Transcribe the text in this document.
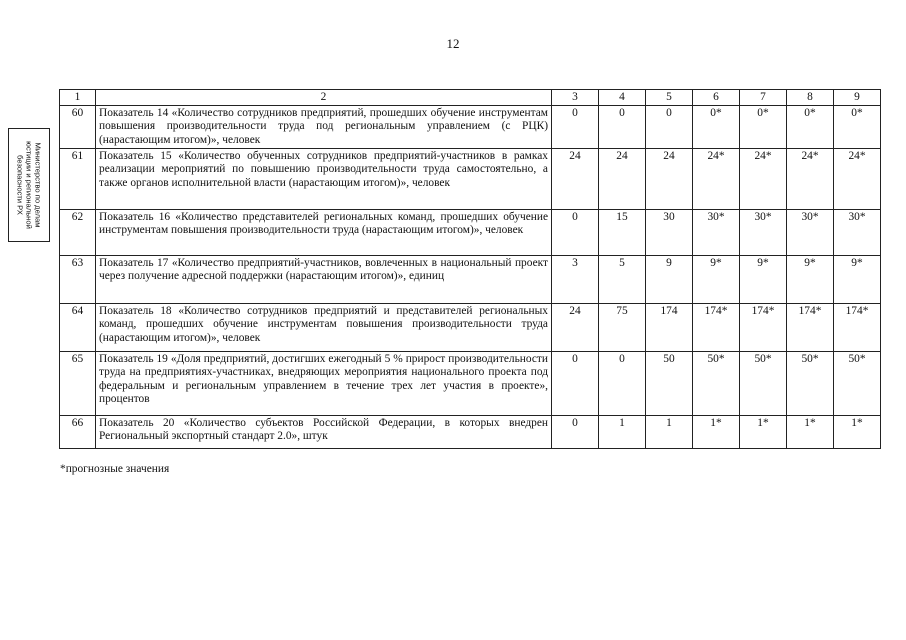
12
Министерство по делам юстиции и региональной безопасности РХ
1	2	3	4	5	6	7	8	9
60	Показатель 14 «Количество сотрудников предприятий, прошедших обучение инструментам повышения производительности труда под региональным управлением (с РЦК) (нарастающим итогом)», человек	0	0	0	0*	0*	0*	0*
61	Показатель 15 «Количество обученных сотрудников предприятий-участников в рамках реализации мероприятий по повышению производительности труда самостоятельно, а также органов исполнительной власти (нарастающим итогом)», человек	24	24	24	24*	24*	24*	24*
62	Показатель 16 «Количество представителей региональных команд, прошедших обучение инструментам повышения производительности труда (нарастающим итогом)», человек	0	15	30	30*	30*	30*	30*
63	Показатель 17 «Количество предприятий-участников, вовлеченных в национальный проект через получение адресной поддержки (нарастающим итогом)», единиц	3	5	9	9*	9*	9*	9*
64	Показатель 18 «Количество сотрудников предприятий и представителей региональных команд, прошедших обучение инструментам повышения производительности труда (нарастающим итогом)», человек	24	75	174	174*	174*	174*	174*
65	Показатель 19 «Доля предприятий, достигших ежегодный 5 % прирост производительности труда на предприятиях-участниках, внедряющих мероприятия национального проекта под федеральным и региональным управлением в течение трех лет участия в проекте», процентов	0	0	50	50*	50*	50*	50*
66	Показатель 20 «Количество субъектов Российской Федерации, в которых внедрен Региональный экспортный стандарт 2.0», штук	0	1	1	1*	1*	1*	1*
*прогнозные значения
